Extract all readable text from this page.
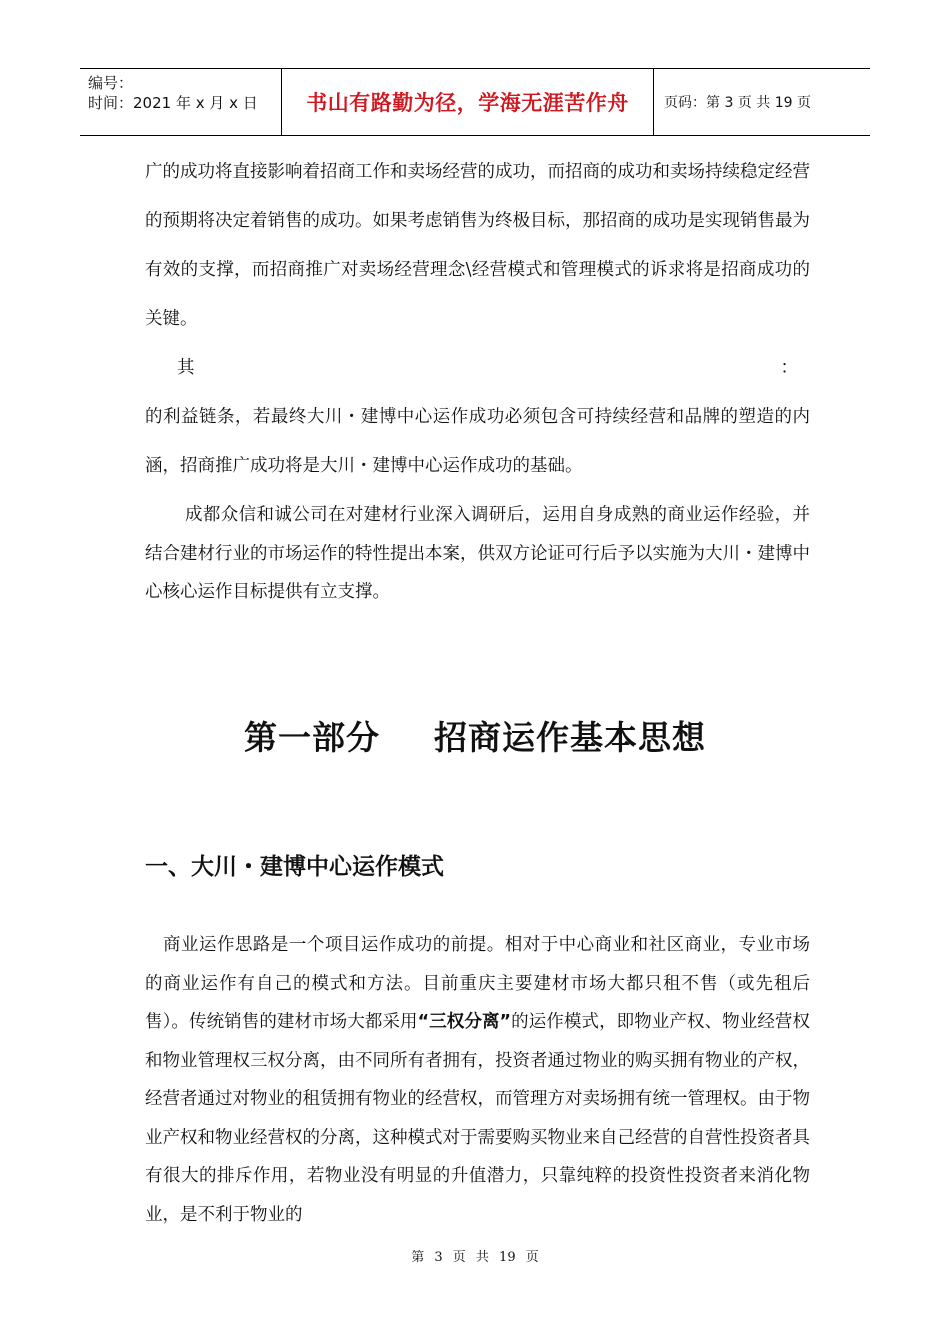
编号：
时间：2021 年 x 月 x 日	书山有路勤为径，学海无涯苦作舟	页码：第 3 页 共 19 页

广的成功将直接影响着招商工作和卖场经营的成功，而招商的成功和卖场持续稳定经营的预期将决定着销售的成功。如果考虑销售为终极目标，那招商的成功是实现销售最为有效的支撑，而招商推广对卖场经营理念\经营模式和管理模式的诉求将是招商成功的关键。

其	：

的利益链条，若最终大川・建博中心运作成功必须包含可持续经营和品牌的塑造的内涵，招商推广成功将是大川・建博中心运作成功的基础。

成都众信和诚公司在对建材行业深入调研后，运用自身成熟的商业运作经验，并结合建材行业的市场运作的特性提出本案，供双方论证可行后予以实施为大川・建博中心核心运作目标提供有立支撑。

第一部分 招商运作基本思想
一、大川・建博中心运作模式

商业运作思路是一个项目运作成功的前提。相对于中心商业和社区商业，专业市场的商业运作有自己的模式和方法。目前重庆主要建材市场大都只租不售（或先租后售）。传统销售的建材市场大都采用“三权分离”的运作模式，即物业产权、物业经营权和物业管理权三权分离，由不同所有者拥有，投资者通过物业的购买拥有物业的产权，经营者通过对物业的租赁拥有物业的经营权，而管理方对卖场拥有统一管理权。由于物业产权和物业经营权的分离，这种模式对于需要购买物业来自己经营的自营性投资者具有很大的排斥作用，若物业没有明显的升值潜力，只靠纯粹的投资性投资者来消化物业，是不利于物业的

第 3 页 共 19 页
